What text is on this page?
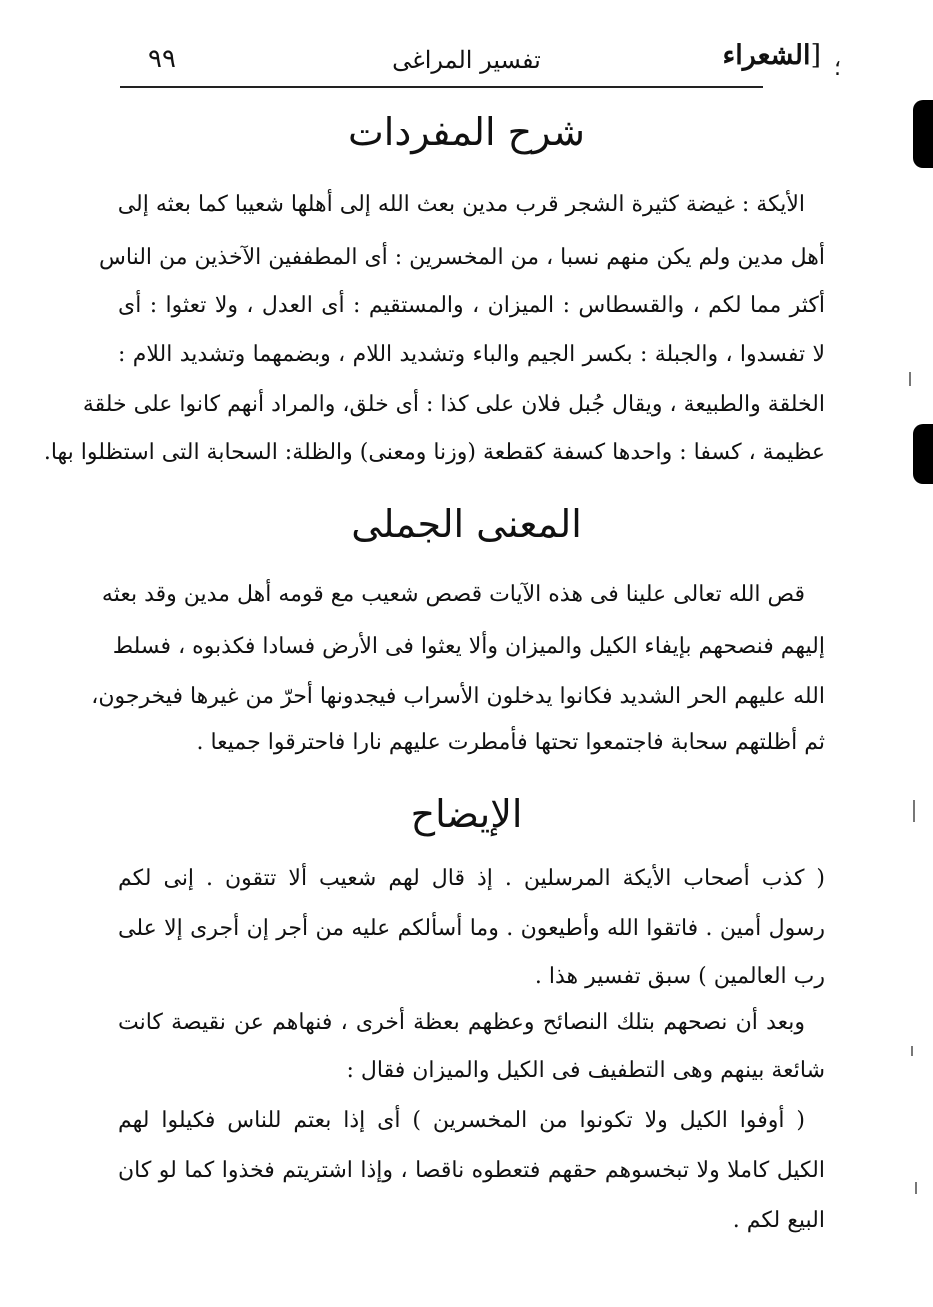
٩٩	تفسير المراغى	[الشعراء	؛
شرح المفردات
الأيكة : غيضة كثيرة الشجر قرب مدين بعث الله إلى أهلها شعيبا كما بعثه إلى
أهل مدين ولم يكن منهم نسبا ، من المخسرين : أى المطففين الآخذين من الناس
أكثر مما لكم ، والقسطاس : الميزان ، والمستقيم : أى العدل ، ولا تعثوا : أى
لا تفسدوا ، والجبلة : بكسر الجيم والباء وتشديد اللام ، وبضمهما وتشديد اللام :
الخلقة والطبيعة ، ويقال جُبل فلان على كذا : أى خلق، والمراد أنهم كانوا على خلقة
عظيمة ، كسفا : واحدها كسفة كقطعة (وزنا ومعنى) والظلة: السحابة التى استظلوا بها.
المعنى الجملى
قص الله تعالى علينا فى هذه الآيات قصص شعيب مع قومه أهل مدين وقد بعثه
إليهم فنصحهم بإيفاء الكيل والميزان وألا يعثوا فى الأرض فسادا فكذبوه ، فسلط
الله عليهم الحر الشديد فكانوا يدخلون الأسراب فيجدونها أحرّ من غيرها فيخرجون،
ثم أظلتهم سحابة فاجتمعوا تحتها فأمطرت عليهم نارا فاحترقوا جميعا .
الإيضاح
( كذب أصحاب الأيكة المرسلين . إذ قال لهم شعيب ألا تتقون . إنى لكم
رسول أمين . فاتقوا الله وأطيعون . وما أسألكم عليه من أجر إن أجرى إلا على
رب العالمين ) سبق تفسير هذا .
وبعد أن نصحهم بتلك النصائح وعظهم بعظة أخرى ، فنهاهم عن نقيصة كانت
شائعة بينهم وهى التطفيف فى الكيل والميزان فقال :
( أوفوا الكيل ولا تكونوا من المخسرين ) أى إذا بعتم للناس فكيلوا لهم
الكيل كاملا ولا تبخسوهم حقهم فتعطوه ناقصا ، وإذا اشتريتم فخذوا كما لو كان
البيع لكم .
